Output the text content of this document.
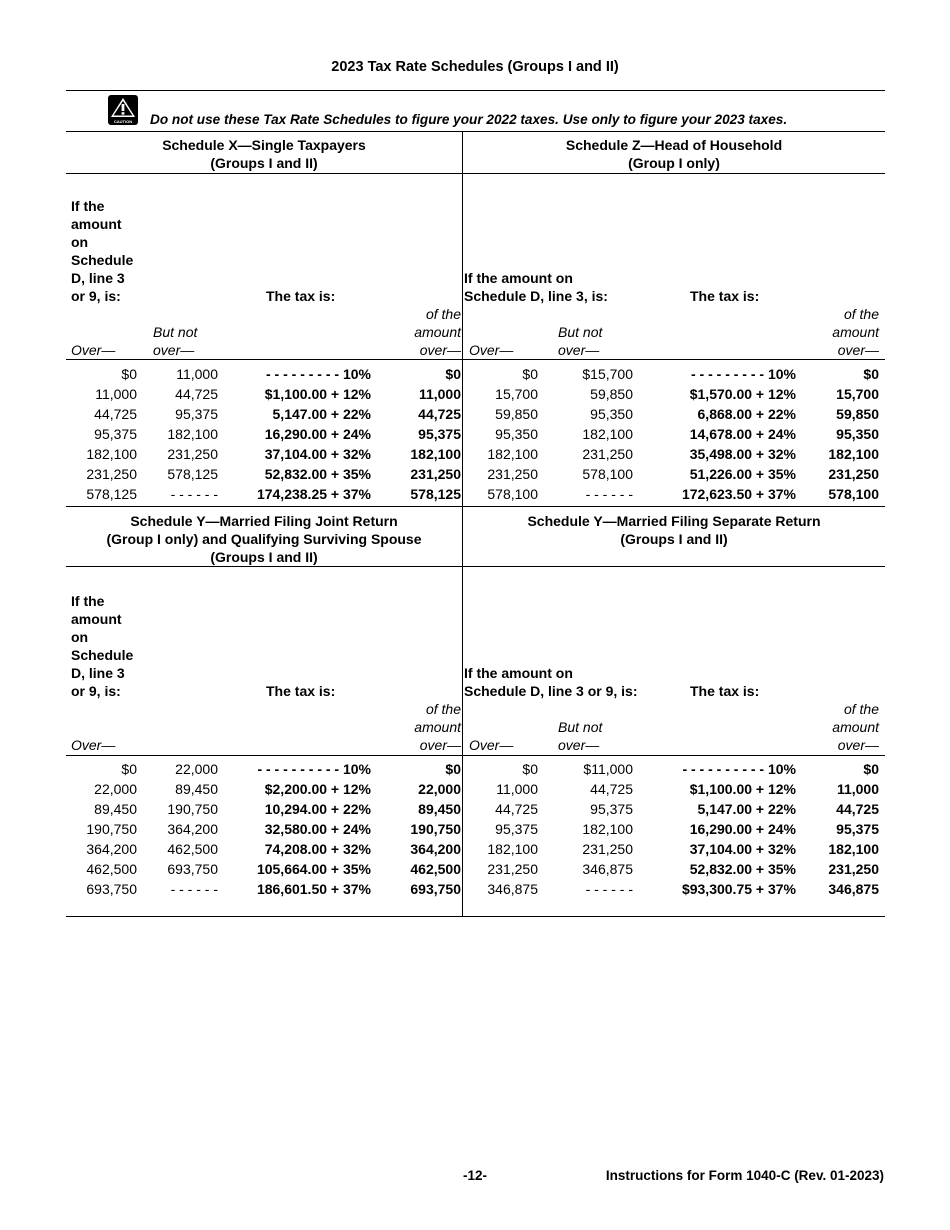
2023 Tax Rate Schedules (Groups I and II)
CAUTION Do not use these Tax Rate Schedules to figure your 2022 taxes. Use only to figure your 2023 taxes.
Schedule X—Single Taxpayers
(Groups I and II)
Schedule Z—Head of Household
(Group I only)
If the
amount
on
Schedule
D, line 3
or 9, is:	The tax is:
of the
amount
over—
But not
over—
Over—
If the amount on
Schedule D, line 3, is:	The tax is:
of the
amount
over—
But not
over—
Over—
$0	11,000	- - - - - - - - - 10%	$0
11,000	44,725	$1,100.00 + 12%	11,000
44,725	95,375	5,147.00 + 22%	44,725
95,375 182,100	16,290.00 + 24%	95,375
182,100 231,250	37,104.00 + 32%	182,100
231,250 578,125	52,832.00 + 35%	231,250
578,125 - - - - - -	174,238.25 + 37%	578,125
$0	$15,700	- - - - - - - - - 10%	$0
15,700	59,850	$1,570.00 + 12%	15,700
59,850	95,350	6,868.00 + 22%	59,850
95,350	182,100	14,678.00 + 24%	95,350
182,100	231,250	35,498.00 + 32% 182,100
231,250	578,100	51,226.00 + 35% 231,250
578,100	- - - - - -	172,623.50 + 37% 578,100
Schedule Y—Married Filing Joint Return
(Group I only) and Qualifying Surviving Spouse
(Groups I and II)
Schedule Y—Married Filing Separate Return
(Groups I and II)
If the
amount
on
Schedule
D, line 3
or 9, is:	The tax is:
of the
amount
over—
Over—
If the amount on
Schedule D, line 3 or 9, is:	The tax is:
of the
amount
over—
But not
over—
Over—
$0	22,000	- - - - - - - - - - 10%	$0
22,000	89,450	$2,200.00 + 12%	22,000
89,450 190,750	10,294.00 + 22%	89,450
190,750 364,200	32,580.00 + 24%	190,750
364,200 462,500	74,208.00 + 32%	364,200
462,500 693,750	105,664.00 + 35%	462,500
693,750 - - - - - -	186,601.50 + 37%	693,750
$0	$11,000	- - - - - - - - - - 10%	$0
11,000	44,725	$1,100.00 + 12%	11,000
44,725	95,375	5,147.00 + 22%	44,725
95,375	182,100	16,290.00 + 24%	95,375
182,100	231,250	37,104.00 + 32% 182,100
231,250	346,875	52,832.00 + 35% 231,250
346,875	- - - - - -	$93,300.75 + 37% 346,875
-12-	Instructions for Form 1040-C (Rev. 01-2023)
